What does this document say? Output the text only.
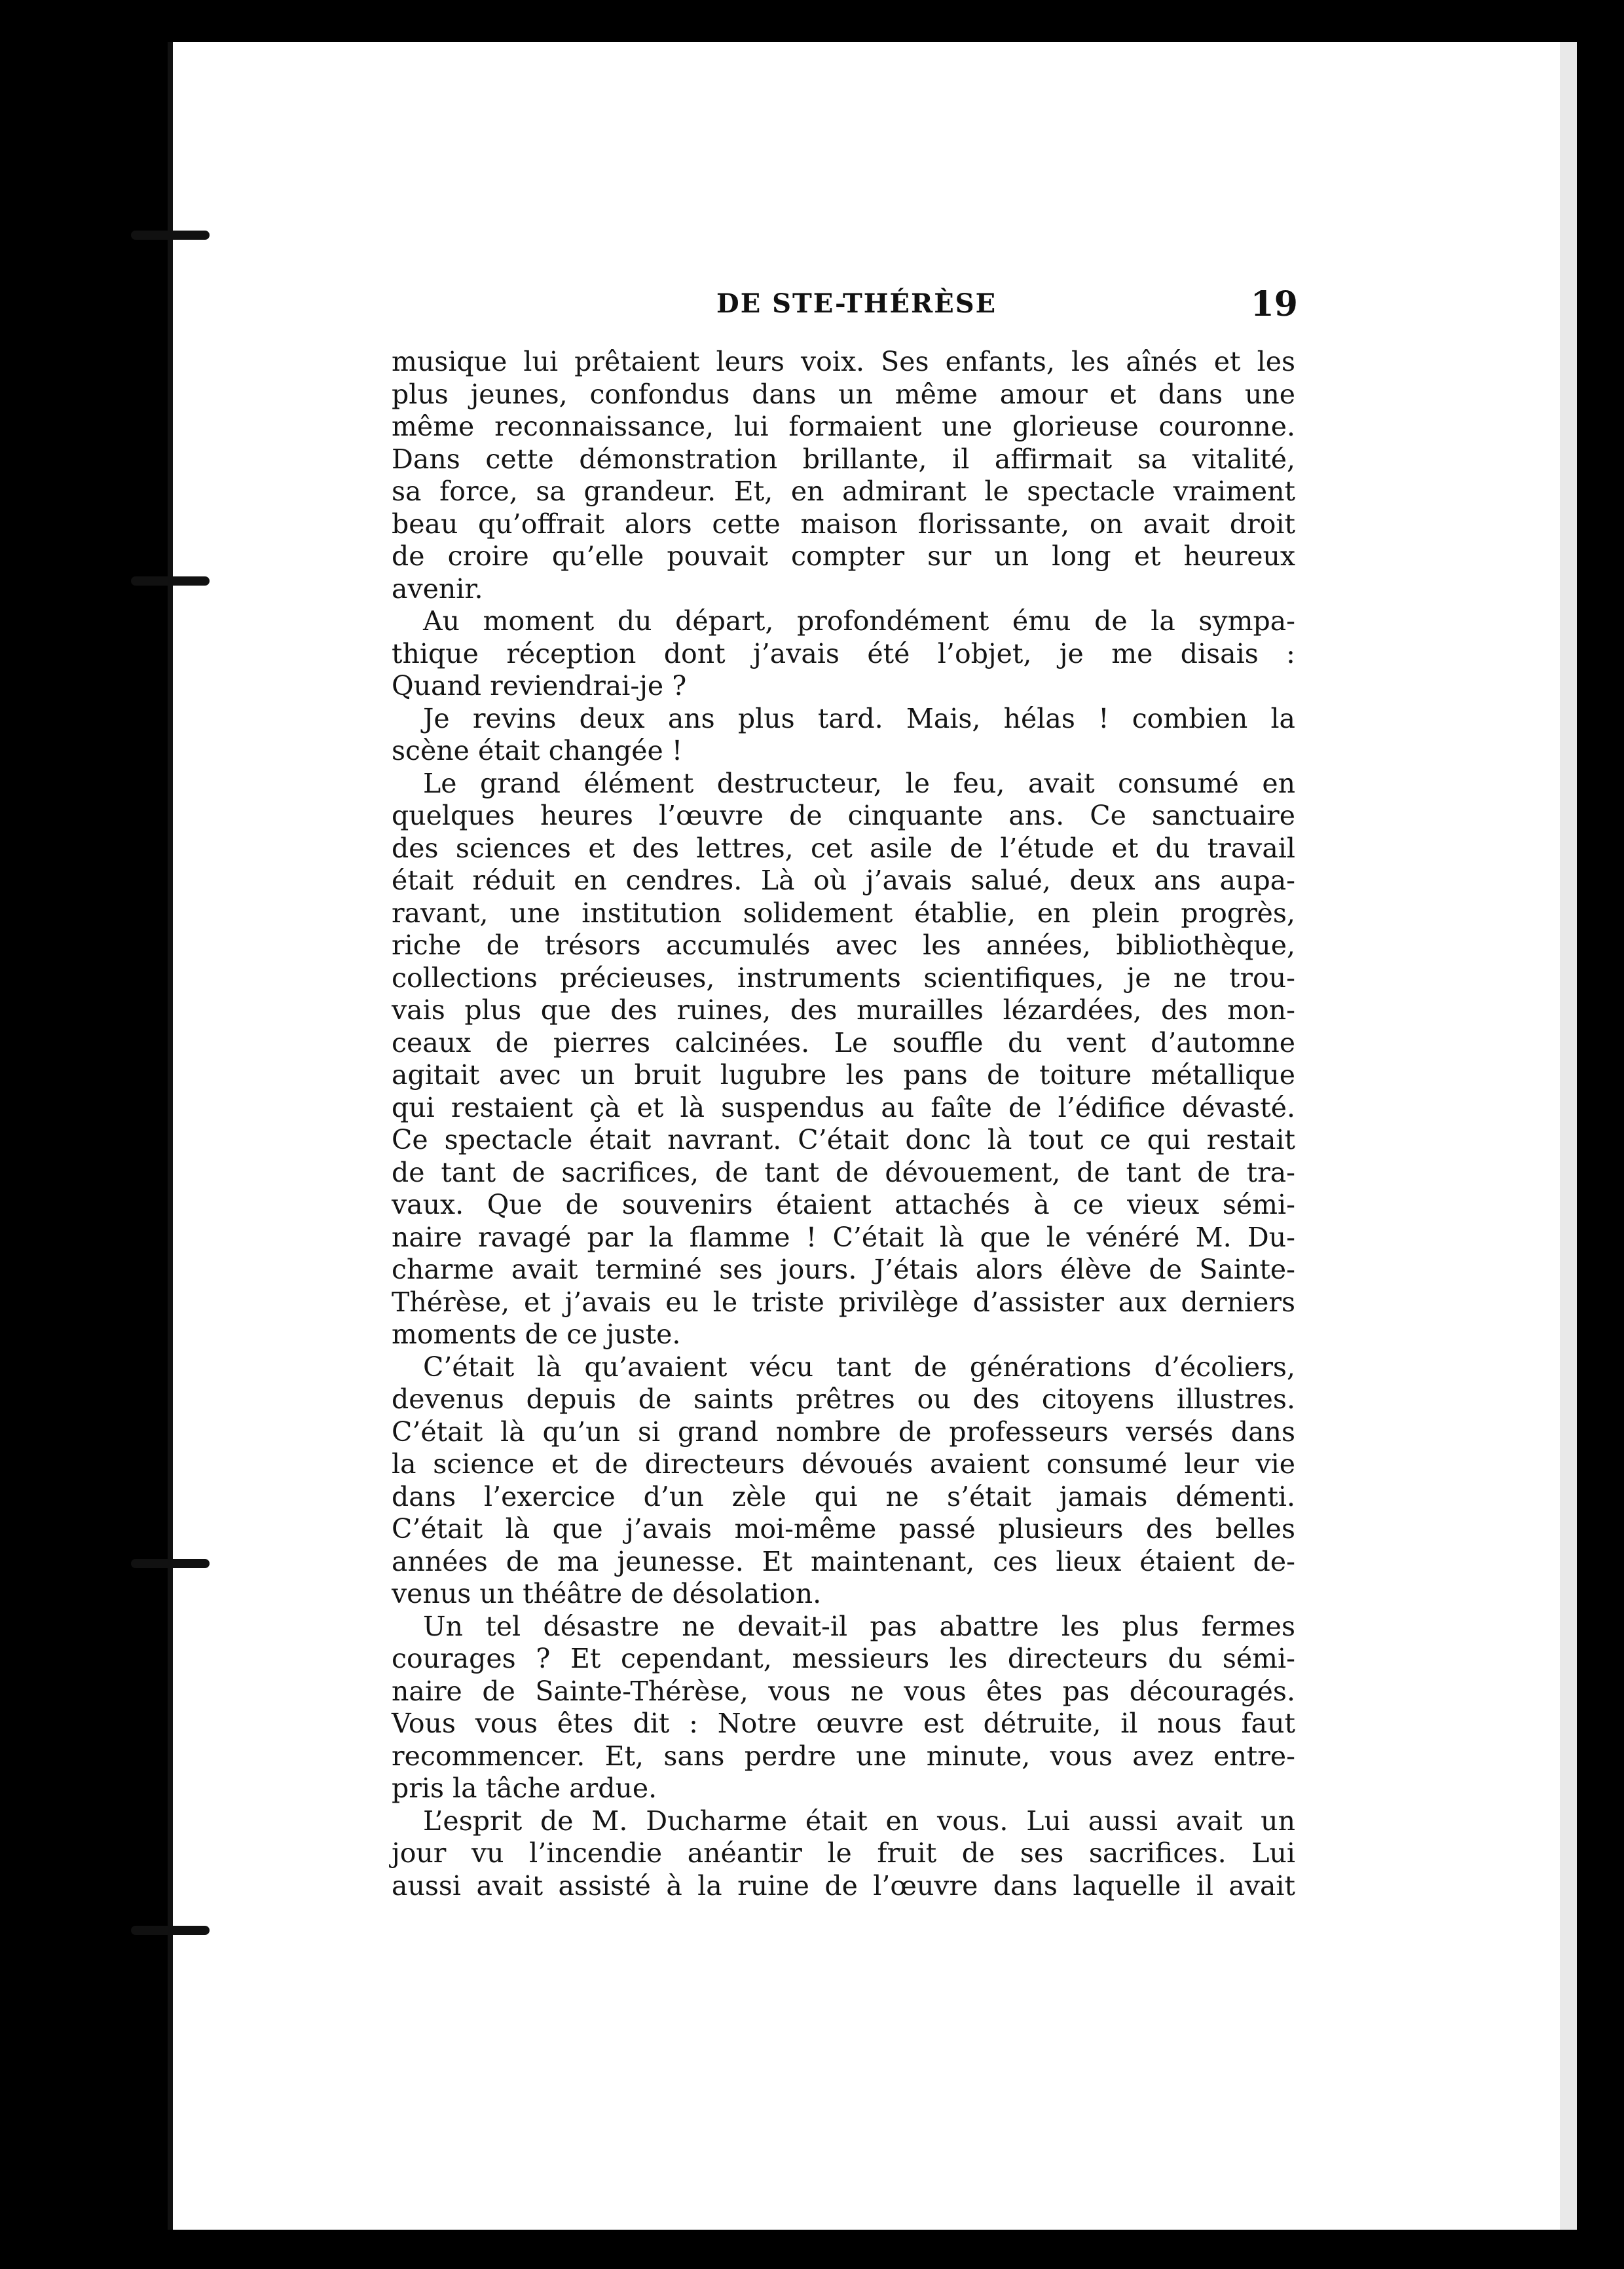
DE STE-THÉRÈSE	19
musique lui prêtaient leurs voix. Ses enfants, les aînés et les
plus jeunes, confondus dans un même amour et dans une
même reconnaissance, lui formaient une glorieuse couronne.
Dans cette démonstration brillante, il affirmait sa vitalité,
sa force, sa grandeur. Et, en admirant le spectacle vraiment
beau qu’offrait alors cette maison florissante, on avait droit
de croire qu’elle pouvait compter sur un long et heureux
avenir.
Au moment du départ, profondément ému de la sympa-
thique réception dont j’avais été l’objet, je me disais :
Quand reviendrai-je ?
Je revins deux ans plus tard. Mais, hélas ! combien la
scène était changée !
Le grand élément destructeur, le feu, avait consumé en
quelques heures l’œuvre de cinquante ans. Ce sanctuaire
des sciences et des lettres, cet asile de l’étude et du travail
était réduit en cendres. Là où j’avais salué, deux ans aupa-
ravant, une institution solidement établie, en plein progrès,
riche de trésors accumulés avec les années, bibliothèque,
collections précieuses, instruments scientifiques, je ne trou-
vais plus que des ruines, des murailles lézardées, des mon-
ceaux de pierres calcinées. Le souffle du vent d’automne
agitait avec un bruit lugubre les pans de toiture métallique
qui restaient çà et là suspendus au faîte de l’édifice dévasté.
Ce spectacle était navrant. C’était donc là tout ce qui restait
de tant de sacrifices, de tant de dévouement, de tant de tra-
vaux. Que de souvenirs étaient attachés à ce vieux sémi-
naire ravagé par la flamme ! C’était là que le vénéré M. Du-
charme avait terminé ses jours. J’étais alors élève de Sainte-
Thérèse, et j’avais eu le triste privilège d’assister aux derniers
moments de ce juste.
C’était là qu’avaient vécu tant de générations d’écoliers,
devenus depuis de saints prêtres ou des citoyens illustres.
C’était là qu’un si grand nombre de professeurs versés dans
la science et de directeurs dévoués avaient consumé leur vie
dans l’exercice d’un zèle qui ne s’était jamais démenti.
C’était là que j’avais moi-même passé plusieurs des belles
années de ma jeunesse. Et maintenant, ces lieux étaient de-
venus un théâtre de désolation.
Un tel désastre ne devait-il pas abattre les plus fermes
courages ? Et cependant, messieurs les directeurs du sémi-
naire de Sainte-Thérèse, vous ne vous êtes pas découragés.
Vous vous êtes dit : Notre œuvre est détruite, il nous faut
recommencer. Et, sans perdre une minute, vous avez entre-
pris la tâche ardue.
L’esprit de M. Ducharme était en vous. Lui aussi avait un
jour vu l’incendie anéantir le fruit de ses sacrifices. Lui
aussi avait assisté à la ruine de l’œuvre dans laquelle il avait
